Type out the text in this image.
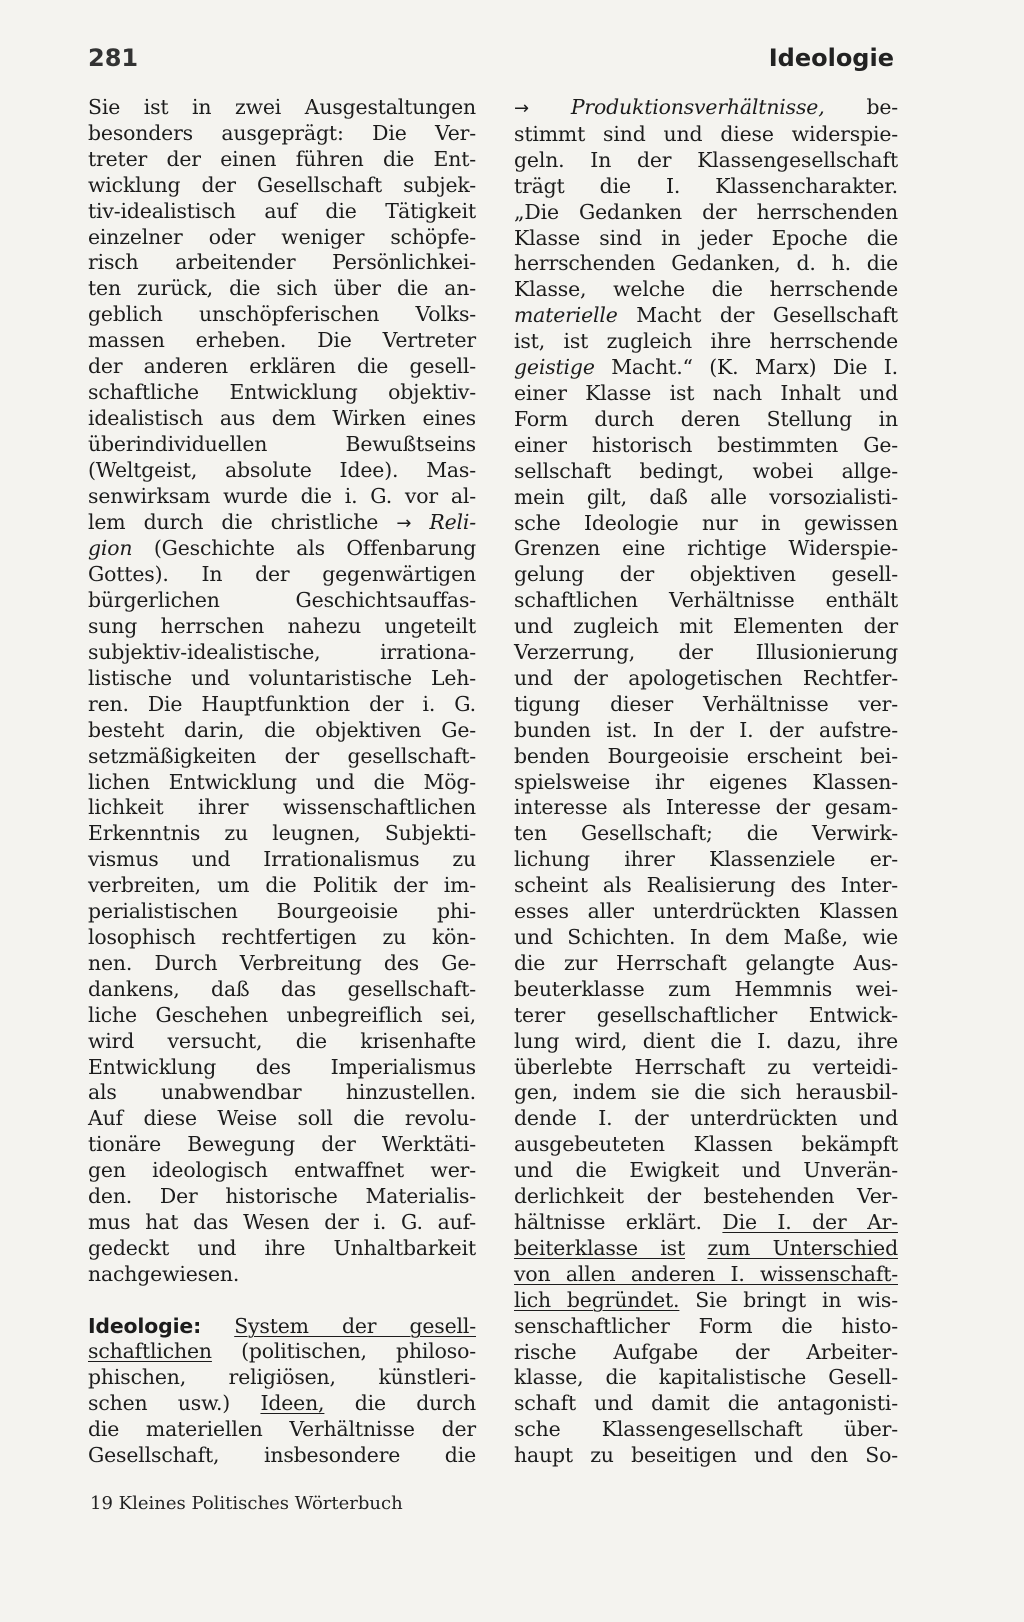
281	Ideologie
Sie ist in zwei Ausgestaltungen
besonders ausgeprägt: Die Ver-
treter der einen führen die Ent-
wicklung der Gesellschaft subjek-
tiv-idealistisch auf die Tätigkeit
einzelner oder weniger schöpfe-
risch arbeitender Persönlichkei-
ten zurück, die sich über die an-
geblich unschöpferischen Volks-
massen erheben. Die Vertreter
der anderen erklären die gesell-
schaftliche Entwicklung objektiv-
idealistisch aus dem Wirken eines
überindividuellen Bewußtseins
(Weltgeist, absolute Idee). Mas-
senwirksam wurde die i. G. vor al-
lem durch die christliche → Reli-
gion (Geschichte als Offenbarung
Gottes). In der gegenwärtigen
bürgerlichen Geschichtsauffas-
sung herrschen nahezu ungeteilt
subjektiv-idealistische, irrationa-
listische und voluntaristische Leh-
ren. Die Hauptfunktion der i. G.
besteht darin, die objektiven Ge-
setzmäßigkeiten der gesellschaft-
lichen Entwicklung und die Mög-
lichkeit ihrer wissenschaftlichen
Erkenntnis zu leugnen, Subjekti-
vismus und Irrationalismus zu
verbreiten, um die Politik der im-
perialistischen Bourgeoisie phi-
losophisch rechtfertigen zu kön-
nen. Durch Verbreitung des Ge-
dankens, daß das gesellschaft-
liche Geschehen unbegreiflich sei,
wird versucht, die krisenhafte
Entwicklung des Imperialismus
als unabwendbar hinzustellen.
Auf diese Weise soll die revolu-
tionäre Bewegung der Werktäti-
gen ideologisch entwaffnet wer-
den. Der historische Materialis-
mus hat das Wesen der i. G. auf-
gedeckt und ihre Unhaltbarkeit
nachgewiesen.
Ideologie: System der gesell-
schaftlichen (politischen, philoso-
phischen, religiösen, künstleri-
schen usw.) Ideen, die durch
die materiellen Verhältnisse der
Gesellschaft, insbesondere die
→ Produktionsverhältnisse, be-
stimmt sind und diese widerspie-
geln. In der Klassengesellschaft
trägt die I. Klassencharakter.
„Die Gedanken der herrschenden
Klasse sind in jeder Epoche die
herrschenden Gedanken, d. h. die
Klasse, welche die herrschende
materielle Macht der Gesellschaft
ist, ist zugleich ihre herrschende
geistige Macht.“ (K. Marx) Die I.
einer Klasse ist nach Inhalt und
Form durch deren Stellung in
einer historisch bestimmten Ge-
sellschaft bedingt, wobei allge-
mein gilt, daß alle vorsozialisti-
sche Ideologie nur in gewissen
Grenzen eine richtige Widerspie-
gelung der objektiven gesell-
schaftlichen Verhältnisse enthält
und zugleich mit Elementen der
Verzerrung, der Illusionierung
und der apologetischen Rechtfer-
tigung dieser Verhältnisse ver-
bunden ist. In der I. der aufstre-
benden Bourgeoisie erscheint bei-
spielsweise ihr eigenes Klassen-
interesse als Interesse der gesam-
ten Gesellschaft; die Verwirk-
lichung ihrer Klassenziele er-
scheint als Realisierung des Inter-
esses aller unterdrückten Klassen
und Schichten. In dem Maße, wie
die zur Herrschaft gelangte Aus-
beuterklasse zum Hemmnis wei-
terer gesellschaftlicher Entwick-
lung wird, dient die I. dazu, ihre
überlebte Herrschaft zu verteidi-
gen, indem sie die sich herausbil-
dende I. der unterdrückten und
ausgebeuteten Klassen bekämpft
und die Ewigkeit und Unverän-
derlichkeit der bestehenden Ver-
hältnisse erklärt. Die I. der Ar-
beiterklasse ist zum Unterschied
von allen anderen I. wissenschaft-
lich begründet. Sie bringt in wis-
senschaftlicher Form die histo-
rische Aufgabe der Arbeiter-
klasse, die kapitalistische Gesell-
schaft und damit die antagonisti-
sche Klassengesellschaft über-
haupt zu beseitigen und den So-
19 Kleines Politisches Wörterbuch
